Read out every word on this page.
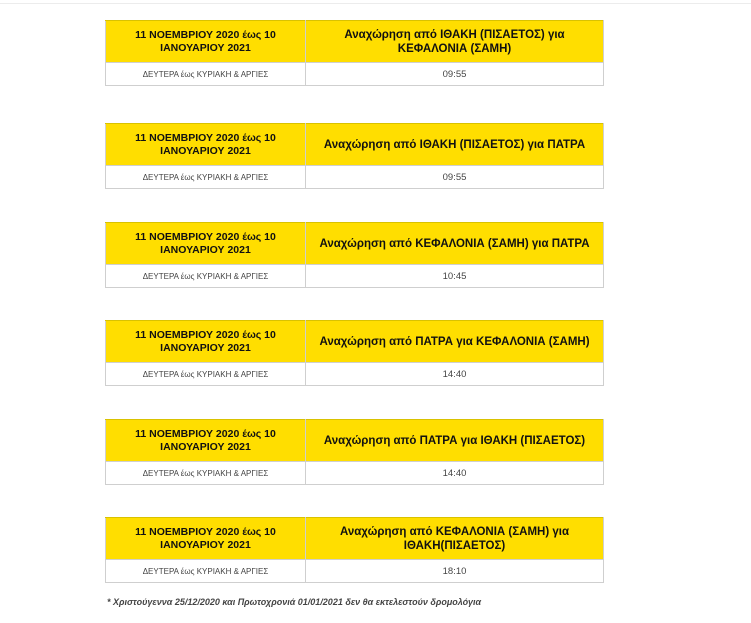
11 ΝΟΕΜΒΡΙΟΥ 2020 έως 10 ΙΑΝΟΥΑΡΙΟΥ 2021	Αναχώρηση από ΙΘΑΚΗ (ΠΙΣΑΕΤΟΣ) για ΚΕΦΑΛΟΝΙΑ (ΣΑΜΗ)
ΔΕΥΤΕΡΑ έως ΚΥΡΙΑΚΗ & ΑΡΓΙΕΣ	09:55
11 ΝΟΕΜΒΡΙΟΥ 2020 έως 10 ΙΑΝΟΥΑΡΙΟΥ 2021	Αναχώρηση από ΙΘΑΚΗ (ΠΙΣΑΕΤΟΣ) για ΠΑΤΡΑ
ΔΕΥΤΕΡΑ έως ΚΥΡΙΑΚΗ & ΑΡΓΙΕΣ	09:55
11 ΝΟΕΜΒΡΙΟΥ 2020 έως 10 ΙΑΝΟΥΑΡΙΟΥ 2021	Αναχώρηση από ΚΕΦΑΛΟΝΙΑ (ΣΑΜΗ) για ΠΑΤΡΑ
ΔΕΥΤΕΡΑ έως ΚΥΡΙΑΚΗ & ΑΡΓΙΕΣ	10:45
11 ΝΟΕΜΒΡΙΟΥ 2020 έως 10 ΙΑΝΟΥΑΡΙΟΥ 2021	Αναχώρηση από ΠΑΤΡΑ για ΚΕΦΑΛΟΝΙΑ (ΣΑΜΗ)
ΔΕΥΤΕΡΑ έως ΚΥΡΙΑΚΗ & ΑΡΓΙΕΣ	14:40
11 ΝΟΕΜΒΡΙΟΥ 2020 έως 10 ΙΑΝΟΥΑΡΙΟΥ 2021	Αναχώρηση από ΠΑΤΡΑ για ΙΘΑΚΗ (ΠΙΣΑΕΤΟΣ)
ΔΕΥΤΕΡΑ έως ΚΥΡΙΑΚΗ & ΑΡΓΙΕΣ	14:40
11 ΝΟΕΜΒΡΙΟΥ 2020 έως 10 ΙΑΝΟΥΑΡΙΟΥ 2021	Αναχώρηση από ΚΕΦΑΛΟΝΙΑ (ΣΑΜΗ) για ΙΘΑΚΗ(ΠΙΣΑΕΤΟΣ)
ΔΕΥΤΕΡΑ έως ΚΥΡΙΑΚΗ & ΑΡΓΙΕΣ	18:10
* Χριστούγεννα 25/12/2020 και Πρωτοχρονιά 01/01/2021 δεν θα εκτελεστούν δρομολόγια
